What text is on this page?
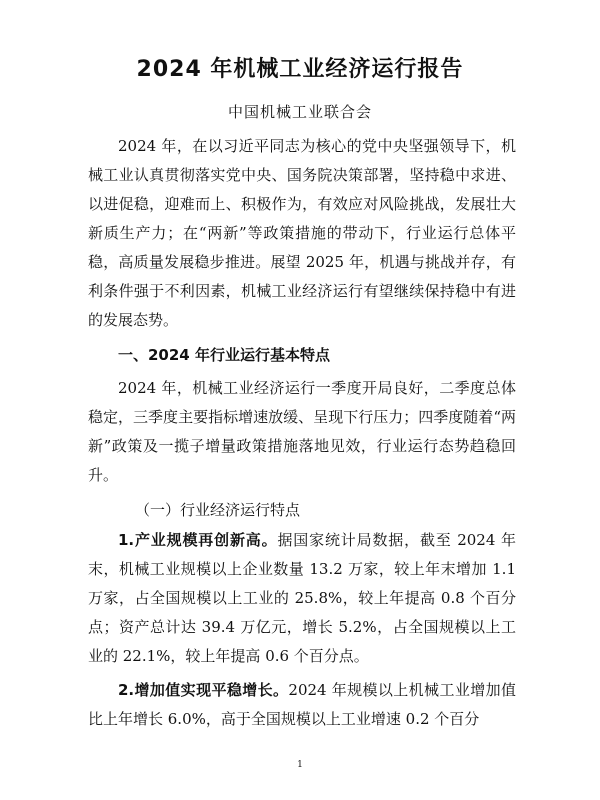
2024 年机械工业经济运行报告
中国机械工业联合会

2024 年，在以习近平同志为核心的党中央坚强领导下，机械工业认真贯彻落实党中央、国务院决策部署，坚持稳中求进、以进促稳，迎难而上、积极作为，有效应对风险挑战，发展壮大新质生产力；在“两新”等政策措施的带动下，行业运行总体平稳，高质量发展稳步推进。展望 2025 年，机遇与挑战并存，有利条件强于不利因素，机械工业经济运行有望继续保持稳中有进的发展态势。

一、2024 年行业运行基本特点

2024 年，机械工业经济运行一季度开局良好，二季度总体稳定，三季度主要指标增速放缓、呈现下行压力；四季度随着“两新”政策及一揽子增量政策措施落地见效，行业运行态势趋稳回升。

（一）行业经济运行特点

1.产业规模再创新高。据国家统计局数据，截至 2024 年末，机械工业规模以上企业数量 13.2 万家，较上年末增加 1.1 万家，占全国规模以上工业的 25.8%，较上年提高 0.8 个百分点；资产总计达 39.4 万亿元，增长 5.2%，占全国规模以上工业的 22.1%，较上年提高 0.6 个百分点。

2.增加值实现平稳增长。2024 年规模以上机械工业增加值比上年增长 6.0%，高于全国规模以上工业增速 0.2 个百分

1
